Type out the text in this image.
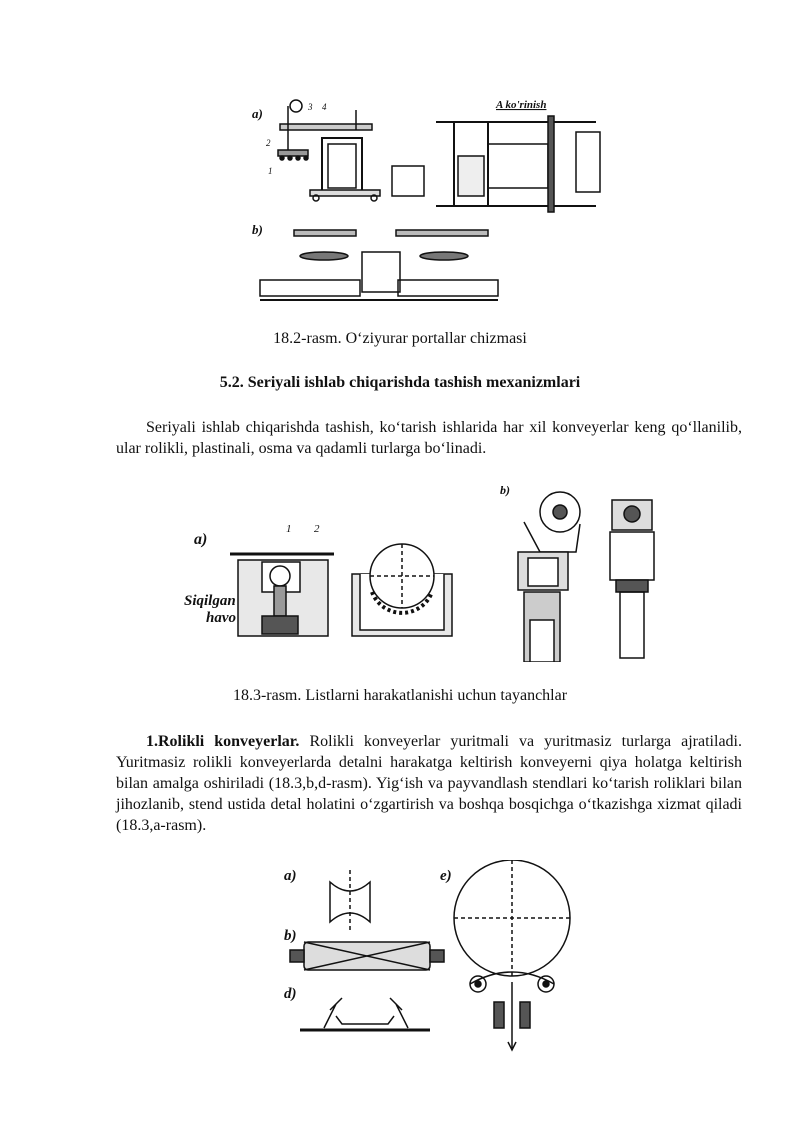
a)	3 4
2
1
A ko'rinish
b)
18.2-rasm. O‘ziyurar portallar chizmasi
5.2. Seriyali ishlab chiqarishda tashish mexanizmlari
Seriyali ishlab chiqarishda tashish, ko‘tarish ishlarida har xil konveyerlar keng qo‘llanilib, ular rolikli, plastinali, osma va qadamli turlarga bo‘linadi.
a)
1 2
Siqilgan
havo
b)
18.3-rasm. Listlarni harakatlanishi uchun tayanchlar
1.Rolikli konveyerlar. Rolikli konveyerlar yuritmali va yuritmasiz turlarga ajratiladi. Yuritmasiz rolikli konveyerlarda detalni harakatga keltirish konveyerni qiya holatga keltirish bilan amalga oshiriladi (18.3,b,d-rasm). Yig‘ish va payvandlash stendlari ko‘tarish roliklari bilan jihozlanib, stend ustida detal holatini o‘zgartirish va boshqa bosqichga o‘tkazishga xizmat qiladi (18.3,a-rasm).
a)
b)
d)
e)
